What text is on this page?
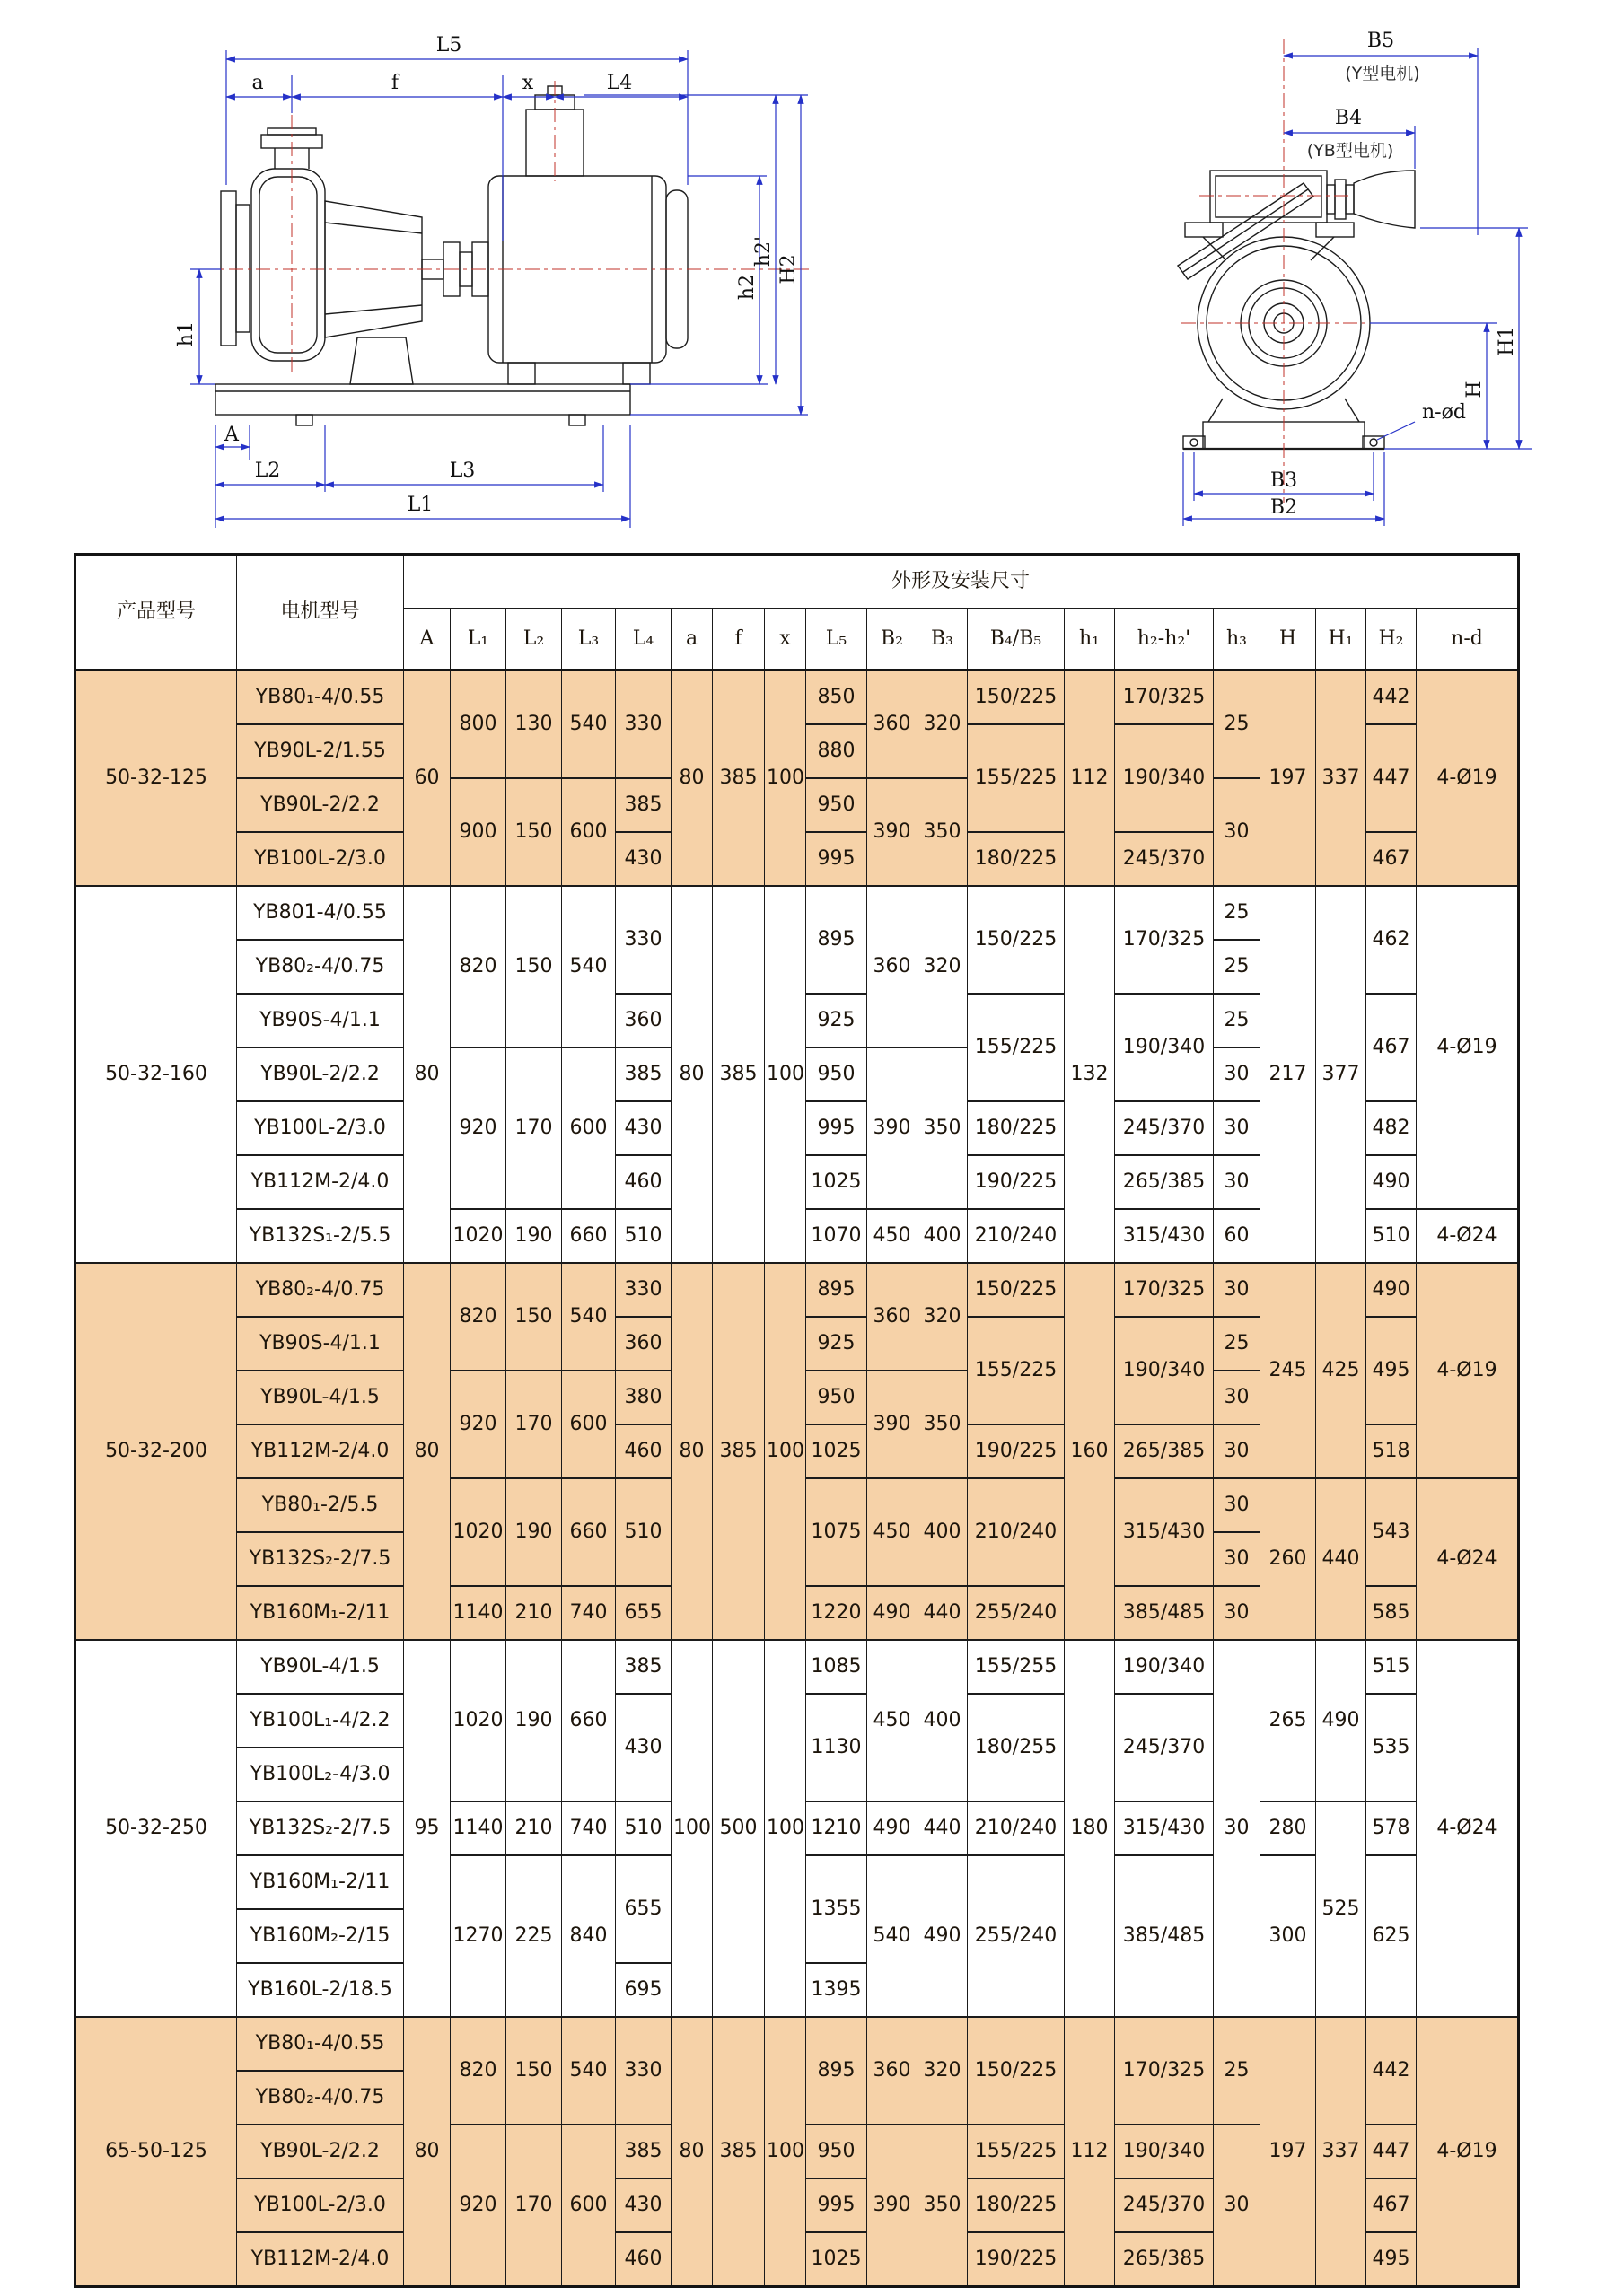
L5
a	f	x	L4
h1
h2
h2'
H2
A
L2	L3
L1
B5
(Y型电机)
B4
(YB型电机)
H1
H
B3
B2
n-ød
产品型号	电机型号	外形及安装尺寸																		
		A	L₁	L₂	L₃	L₄	a	f	x	L₅	B₂	B₃	B₄/B₅	h₁	h₂-h₂'	h₃	H	H₁	H₂	n-d
50-32-125	YB80₁-4/0.55	60	800	130	540	330	80	385	100	850	360	320	150/225	112	170/325	25	197	337	442	4-Ø19
	YB90L-2/1.55									880			155/225		190/340				447	
	YB90L-2/2.2		900	150	600	385				950	390	350				30				
	YB100L-2/3.0					430				995			180/225		245/370				467	
50-32-160	YB801-4/0.55	80	820	150	540	330	80	385	100	895	360	320	150/225	132	170/325	25	217	377	462	4-Ø19
	YB80₂-4/0.75															25				
	YB90S-4/1.1					360				925			155/225		190/340	25			467	
	YB90L-2/2.2		920	170	600	385				950	390	350				30				
	YB100L-2/3.0					430				995			180/225		245/370	30			482	
	YB112M-2/4.0					460				1025			190/225		265/385	30			490	
	YB132S₁-2/5.5		1020	190	660	510				1070	450	400	210/240		315/430	60			510	4-Ø24
50-32-200	YB80₂-4/0.75	80	820	150	540	330	80	385	100	895	360	320	150/225	160	170/325	30	245	425	490	4-Ø19
	YB90S-4/1.1					360				925			155/225		190/340	25			495	
	YB90L-4/1.5		920	170	600	380				950	390	350				30				
	YB112M-2/4.0					460				1025			190/225		265/385	30			518	
	YB80₁-2/5.5		1020	190	660	510				1075	450	400	210/240		315/430	30	260	440	543	4-Ø24
	YB132S₂-2/7.5															30				
	YB160M₁-2/11		1140	210	740	655				1220	490	440	255/240		385/485	30			585	
50-32-250	YB90L-4/1.5	95	1020	190	660	385	100	500	100	1085	450	400	155/255	180	190/340	30	265	490	515	4-Ø24
	YB100L₁-4/2.2					430				1130			180/255		245/370				535	
	YB100L₂-4/3.0																			
	YB132S₂-2/7.5		1140	210	740	510				1210	490	440	210/240		315/430		280	525	578	
	YB160M₁-2/11		1270	225	840	655				1355	540	490	255/240		385/485		300		625	
	YB160M₂-2/15																			
	YB160L-2/18.5					695				1395										
65-50-125	YB80₁-4/0.55	80	820	150	540	330	80	385	100	895	360	320	150/225	112	170/325	25	197	337	442	4-Ø19
	YB80₂-4/0.75																			
	YB90L-2/2.2		920	170	600	385				950	390	350	155/225		190/340	30			447	
	YB100L-2/3.0					430				995			180/225		245/370				467	
	YB112M-2/4.0					460				1025			190/225		265/385				495	
